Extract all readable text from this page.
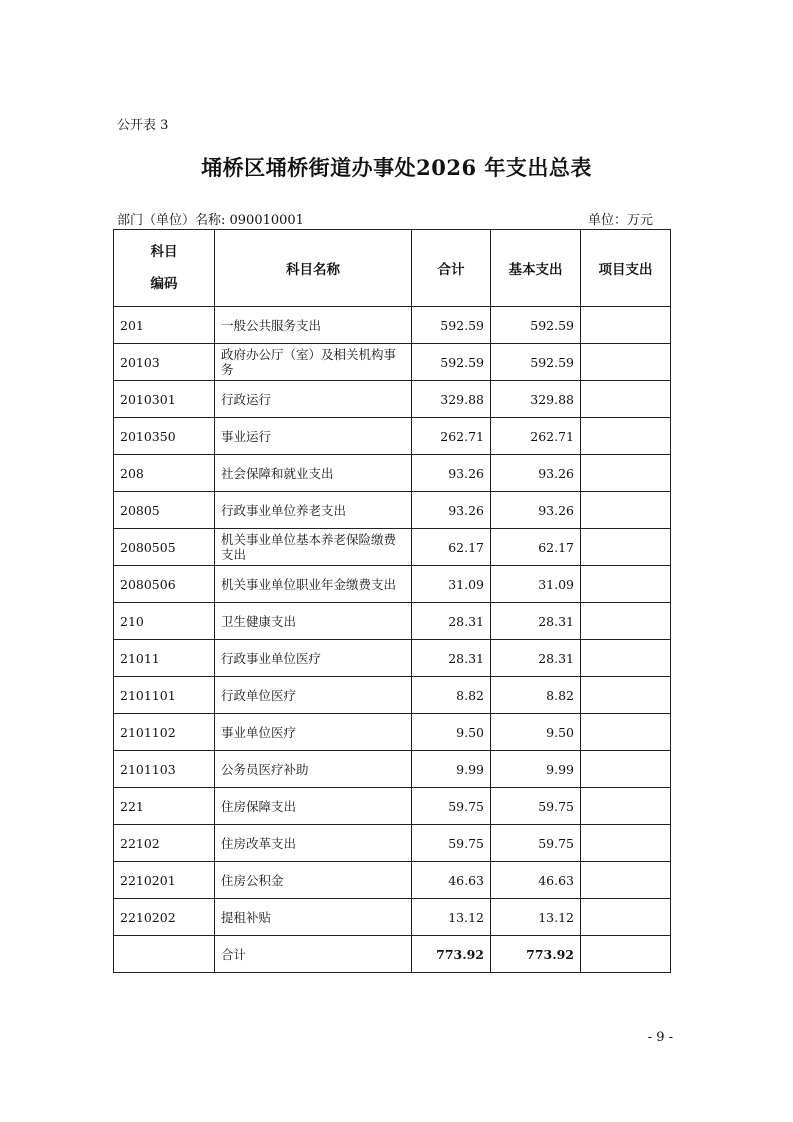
公开表 3
埇桥区埇桥街道办事处2026 年支出总表
部门（单位）名称: 090010001	单位：万元
科目
编码	科目名称	合计	基本支出	项目支出
201	一般公共服务支出	592.59	592.59	
20103	政府办公厅（室）及相关机构事务	592.59	592.59	
2010301	行政运行	329.88	329.88	
2010350	事业运行	262.71	262.71	
208	社会保障和就业支出	93.26	93.26	
20805	行政事业单位养老支出	93.26	93.26	
2080505	机关事业单位基本养老保险缴费支出	62.17	62.17	
2080506	机关事业单位职业年金缴费支出	31.09	31.09	
210	卫生健康支出	28.31	28.31	
21011	行政事业单位医疗	28.31	28.31	
2101101	行政单位医疗	8.82	8.82	
2101102	事业单位医疗	9.50	9.50	
2101103	公务员医疗补助	9.99	9.99	
221	住房保障支出	59.75	59.75	
22102	住房改革支出	59.75	59.75	
2210201	住房公积金	46.63	46.63	
2210202	提租补贴	13.12	13.12	
	合计	773.92	773.92	
- 9 -
